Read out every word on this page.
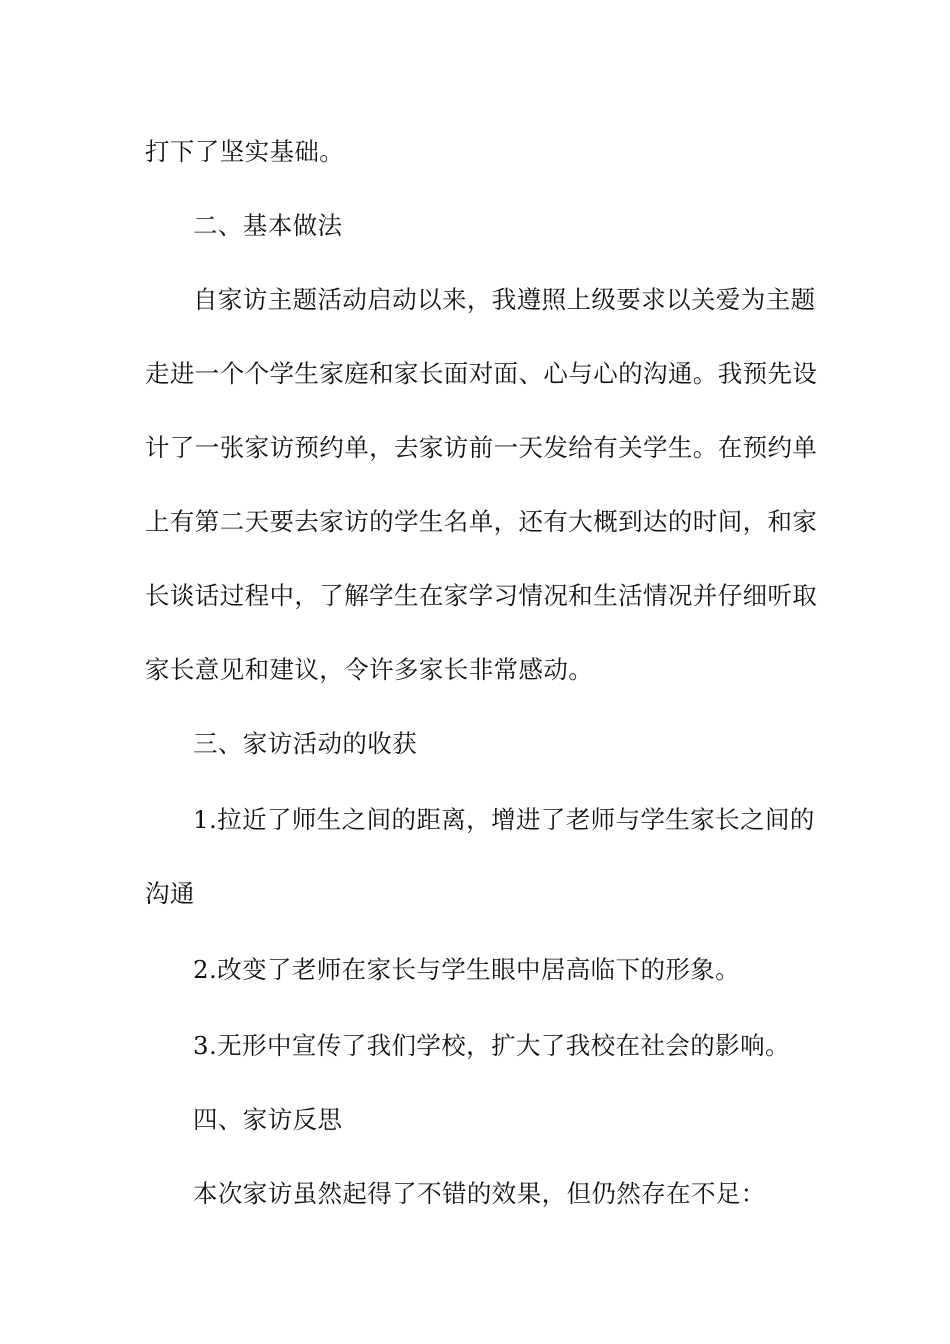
打下了坚实基础。
二、基本做法
自家访主题活动启动以来，我遵照上级要求以关爱为主题
走进一个个学生家庭和家长面对面、心与心的沟通。我预先设
计了一张家访预约单，去家访前一天发给有关学生。在预约单
上有第二天要去家访的学生名单，还有大概到达的时间，和家
长谈话过程中，了解学生在家学习情况和生活情况并仔细听取
家长意见和建议，令许多家长非常感动。
三、家访活动的收获
1.拉近了师生之间的距离，增进了老师与学生家长之间的
沟通
2.改变了老师在家长与学生眼中居高临下的形象。
3.无形中宣传了我们学校，扩大了我校在社会的影响。
四、家访反思
本次家访虽然起得了不错的效果，但仍然存在不足：
